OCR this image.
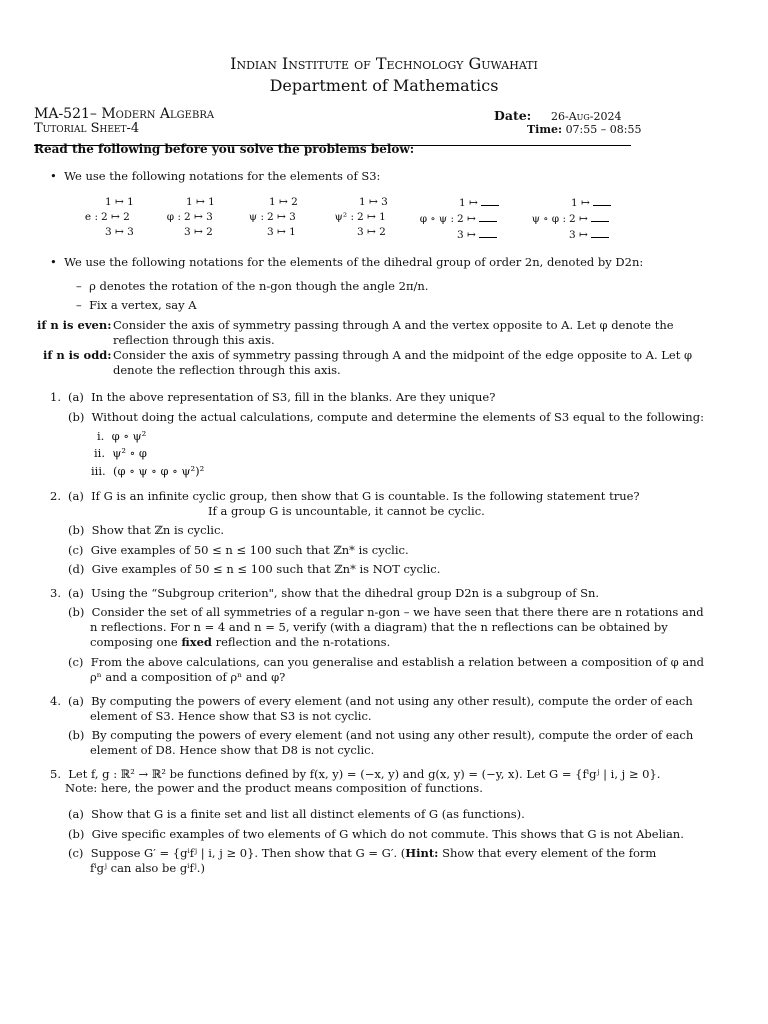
Indian Institute of Technology Guwahati
Department of Mathematics
MA-521– Modern Algebra
Tutorial Sheet-4
Date: 26-Aug-2024
Time: 07:55 – 08:55
Read the following before you solve the problems below:
•  We use the following notations for the elements of S3:
e :
1 ↦ 1
2 ↦ 2
3 ↦ 3
φ :
1 ↦ 1
2 ↦ 3
3 ↦ 2
ψ :
1 ↦ 2
2 ↦ 3
3 ↦ 1
ψ² :
1 ↦ 3
2 ↦ 1
3 ↦ 2
φ ∘ ψ :
1 ↦
2 ↦
3 ↦
ψ ∘ φ :
1 ↦
2 ↦
3 ↦
•  We use the following notations for the elements of the dihedral group of order 2n, denoted by D2n:
–  ρ denotes the rotation of the n-gon though the angle 2π/n.
–  Fix a vertex, say A
if n is even: Consider the axis of symmetry passing through A and the vertex opposite to A. Let φ denote the
reflection through this axis.
if n is odd: Consider the axis of symmetry passing through A and the midpoint of the edge opposite to A. Let φ
denote the reflection through this axis.
1. (a)  In the above representation of S3, fill in the blanks. Are they unique?
(b)  Without doing the actual calculations, compute and determine the elements of S3 equal to the following:
i.  φ ∘ ψ²
ii.  ψ² ∘ φ
iii.  (φ ∘ ψ ∘ φ ∘ ψ²)²
2. (a)  If G is an infinite cyclic group, then show that G is countable. Is the following statement true?
If a group G is uncountable, it cannot be cyclic.
(b)  Show that ℤn is cyclic.
(c)  Give examples of 50 ≤ n ≤ 100 such that ℤn* is cyclic.
(d)  Give examples of 50 ≤ n ≤ 100 such that ℤn* is NOT cyclic.
3. (a)  Using the “Subgroup criterion", show that the dihedral group D2n is a subgroup of Sn.
(b)  Consider the set of all symmetries of a regular n-gon – we have seen that there there are n rotations and
n reflections. For n = 4 and n = 5, verify (with a diagram) that the n reflections can be obtained by
composing one fixed reflection and the n-rotations.
(c)  From the above calculations, can you generalise and establish a relation between a composition of φ and
ρⁿ and a composition of ρⁿ and φ?
4. (a)  By computing the powers of every element (and not using any other result), compute the order of each
element of S3. Hence show that S3 is not cyclic.
(b)  By computing the powers of every element (and not using any other result), compute the order of each
element of D8. Hence show that D8 is not cyclic.
5.  Let f, g : ℝ² → ℝ² be functions defined by f(x, y) = (−x, y) and g(x, y) = (−y, x). Let G = {fⁱgʲ | i, j ≥ 0}.
Note: here, the power and the product means composition of functions.
(a)  Show that G is a finite set and list all distinct elements of G (as functions).
(b)  Give specific examples of two elements of G which do not commute. This shows that G is not Abelian.
(c)  Suppose G′ = {gⁱfʲ | i, j ≥ 0}. Then show that G = G′. (Hint: Show that every element of the form
fⁱgʲ can also be gⁱfʲ.)
